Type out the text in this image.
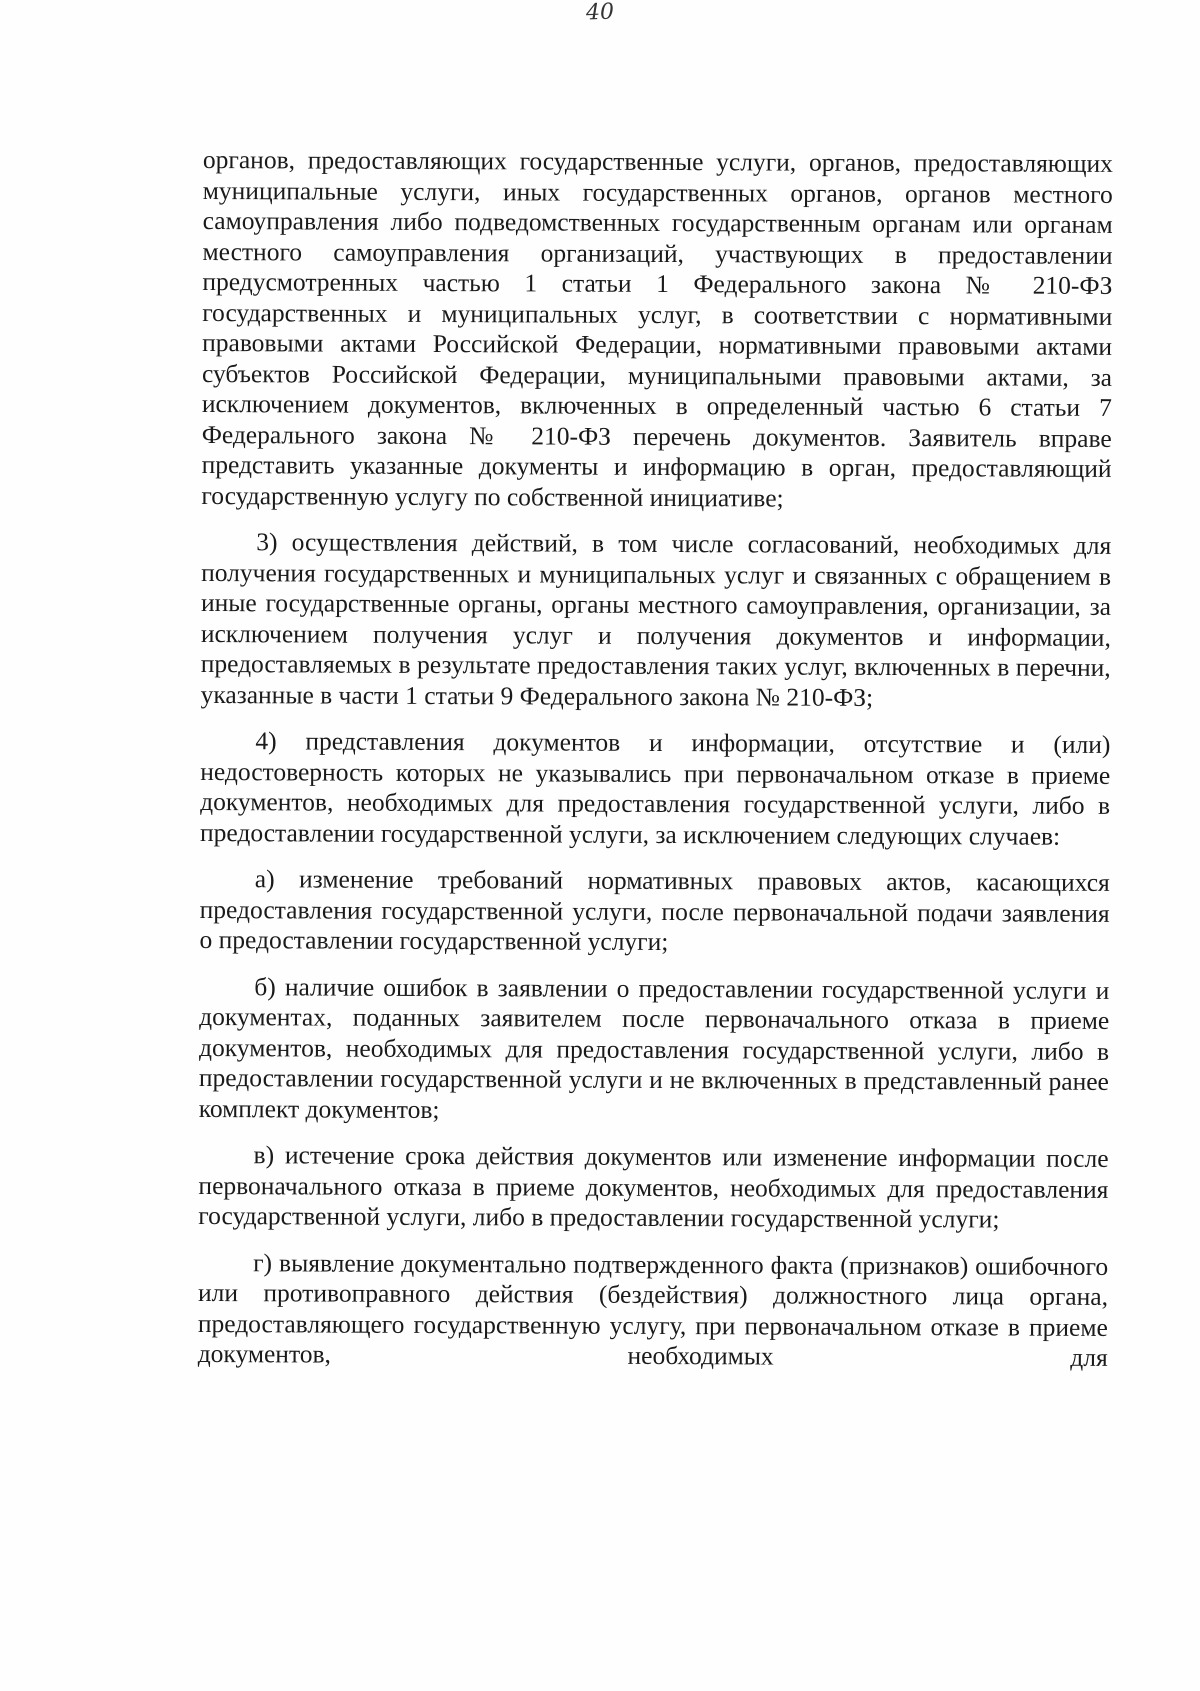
40

органов, предоставляющих государственные услуги, органов, предоставляющих муниципальные услуги, иных государственных органов, органов местного самоуправления либо подведомственных государственным органам или органам местного самоуправления организаций, участвующих в предоставлении предусмотренных частью 1 статьи 1 Федерального закона № 210-ФЗ государственных и муниципальных услуг, в соответствии с нормативными правовыми актами Российской Федерации, нормативными правовыми актами субъектов Российской Федерации, муниципальными правовыми актами, за исключением документов, включенных в определенный частью 6 статьи 7 Федерального закона № 210-ФЗ перечень документов. Заявитель вправе представить указанные документы и информацию в орган, предоставляющий государственную услугу по собственной инициативе;

3) осуществления действий, в том числе согласований, необходимых для получения государственных и муниципальных услуг и связанных с обращением в иные государственные органы, органы местного самоуправления, организации, за исключением получения услуг и получения документов и информации, предоставляемых в результате предоставления таких услуг, включенных в перечни, указанные в части 1 статьи 9 Федерального закона № 210-ФЗ;

4) представления документов и информации, отсутствие и (или) недостоверность которых не указывались при первоначальном отказе в приеме документов, необходимых для предоставления государственной услуги, либо в предоставлении государственной услуги, за исключением следующих случаев:

а) изменение требований нормативных правовых актов, касающихся предоставления государственной услуги, после первоначальной подачи заявления о предоставлении государственной услуги;

б) наличие ошибок в заявлении о предоставлении государственной услуги и документах, поданных заявителем после первоначального отказа в приеме документов, необходимых для предоставления государственной услуги, либо в предоставлении государственной услуги и не включенных в представленный ранее комплект документов;

в) истечение срока действия документов или изменение информации после первоначального отказа в приеме документов, необходимых для предоставления государственной услуги, либо в предоставлении государственной услуги;

г) выявление документально подтвержденного факта (признаков) ошибочного или противоправного действия (бездействия) должностного лица органа, предоставляющего государственную услугу, при первоначальном отказе в приеме документов, необходимых для
